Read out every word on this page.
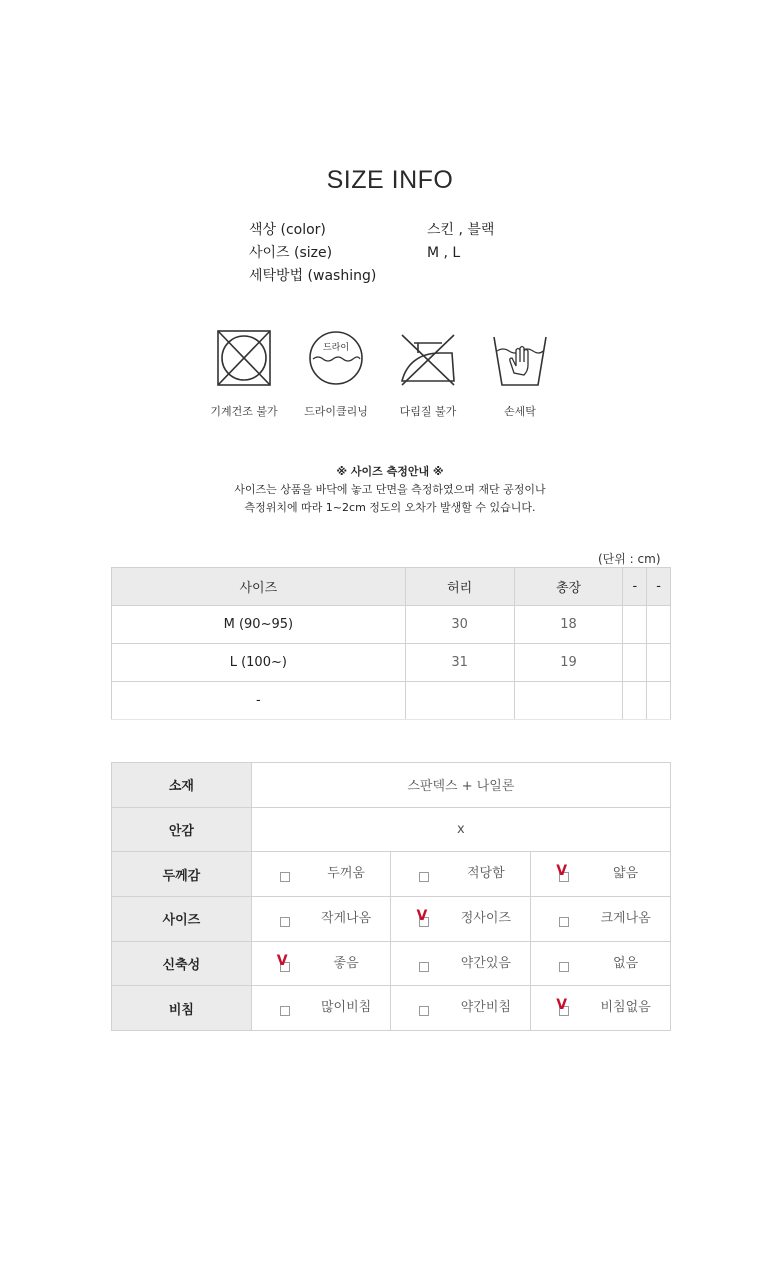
SIZE INFO
색상 (color)	스킨 , 블랙
사이즈 (size)	M , L
세탁방법 (washing)
기계건조 불가
드라이
드라이클리닝	다림질 불가	손세탁
※ 사이즈 측정안내 ※
사이즈는 상품을 바닥에 놓고 단면을 측정하였으며 재단 공정이나
측정위치에 따라 1~2cm 정도의 오차가 발생할 수 있습니다.
(단위 : cm)
사이즈	허리	총장	-	-
M (90~95)	30	18		
L (100~)	31	19		
-				
소재	스판덱스 + 나일론		
안감	x		
두께감	두꺼움	적당함	V 얇음

사이즈	작게나옴	V 정사이즈	크게나옴

신축성	V 좋음	약간있음	없음

비침	많이비침	약간비침	V 비침없음
